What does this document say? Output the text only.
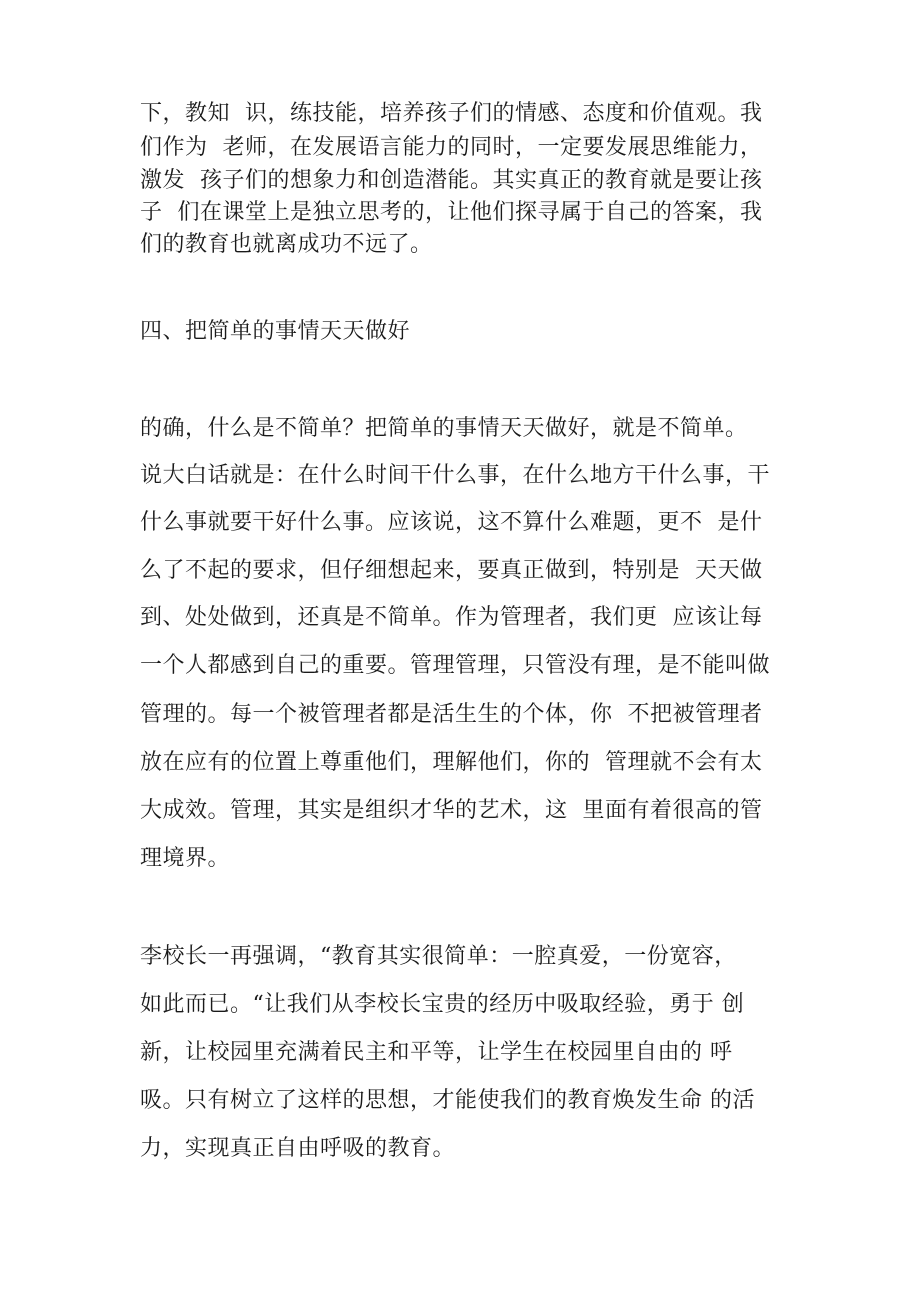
下，教知  识，练技能，培养孩子们的情感、态度和价值观。我
们作为  老师，在发展语言能力的同时，一定要发展思维能力，
激发  孩子们的想象力和创造潜能。其实真正的教育就是要让孩
子  们在课堂上是独立思考的，让他们探寻属于自己的答案，我
们的教育也就离成功不远了。
四、把简单的事情天天做好
的确，什么是不简单？把简单的事情天天做好，就是不简单。
说大白话就是：在什么时间干什么事，在什么地方干什么事，干
什么事就要干好什么事。应该说，这不算什么难题，更不  是什
么了不起的要求，但仔细想起来，要真正做到，特别是  天天做
到、处处做到，还真是不简单。作为管理者，我们更  应该让每
一个人都感到自己的重要。管理管理，只管没有理，是不能叫做
管理的。每一个被管理者都是活生生的个体，你  不把被管理者
放在应有的位置上尊重他们，理解他们，你的  管理就不会有太
大成效。管理，其实是组织才华的艺术，这  里面有着很高的管
理境界。
李校长一再强调，“教育其实很简单：一腔真爱，一份宽容，
如此而已。“让我们从李校长宝贵的经历中吸取经验，勇于 创
新，让校园里充满着民主和平等，让学生在校园里自由的 呼
吸。只有树立了这样的思想，才能使我们的教育焕发生命 的活
力，实现真正自由呼吸的教育。
